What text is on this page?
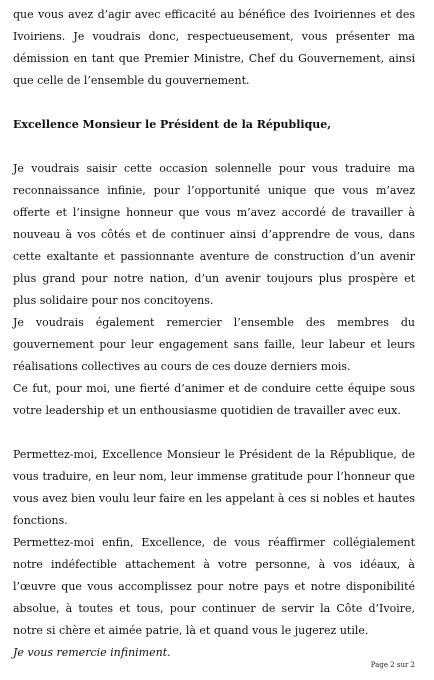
que vous avez d’agir avec efficacité au bénéfice des Ivoiriennes et des Ivoiriens. Je voudrais donc, respectueusement, vous présenter ma démission en tant que Premier Ministre, Chef du Gouvernement, ainsi que celle de l’ensemble du gouvernement.

Excellence Monsieur le Président de la République,

Je voudrais saisir cette occasion solennelle pour vous traduire ma reconnaissance infinie, pour l’opportunité unique que vous m’avez offerte et l’insigne honneur que vous m’avez accordé de travailler à nouveau à vos côtés et de continuer ainsi d’apprendre de vous, dans cette exaltante et passionnante aventure de construction d’un avenir plus grand pour notre nation, d’un avenir toujours plus prospère et plus solidaire pour nos concitoyens.

Je voudrais également remercier l’ensemble des membres du gouvernement pour leur engagement sans faille, leur labeur et leurs réalisations collectives au cours de ces douze derniers mois.

Ce fut, pour moi, une fierté d’animer et de conduire cette équipe sous votre leadership et un enthousiasme quotidien de travailler avec eux.

Permettez-moi, Excellence Monsieur le Président de la République, de vous traduire, en leur nom, leur immense gratitude pour l’honneur que vous avez bien voulu leur faire en les appelant à ces si nobles et hautes fonctions.

Permettez-moi enfin, Excellence, de vous réaffirmer collégialement notre indéfectible attachement à votre personne, à vos idéaux, à l’œuvre que vous accomplissez pour notre pays et notre disponibilité absolue, à toutes et tous, pour continuer de servir la Côte d’Ivoire, notre si chère et aimée patrie, là et quand vous le jugerez utile.

Je vous remercie infiniment.

Page 2 sur 2
